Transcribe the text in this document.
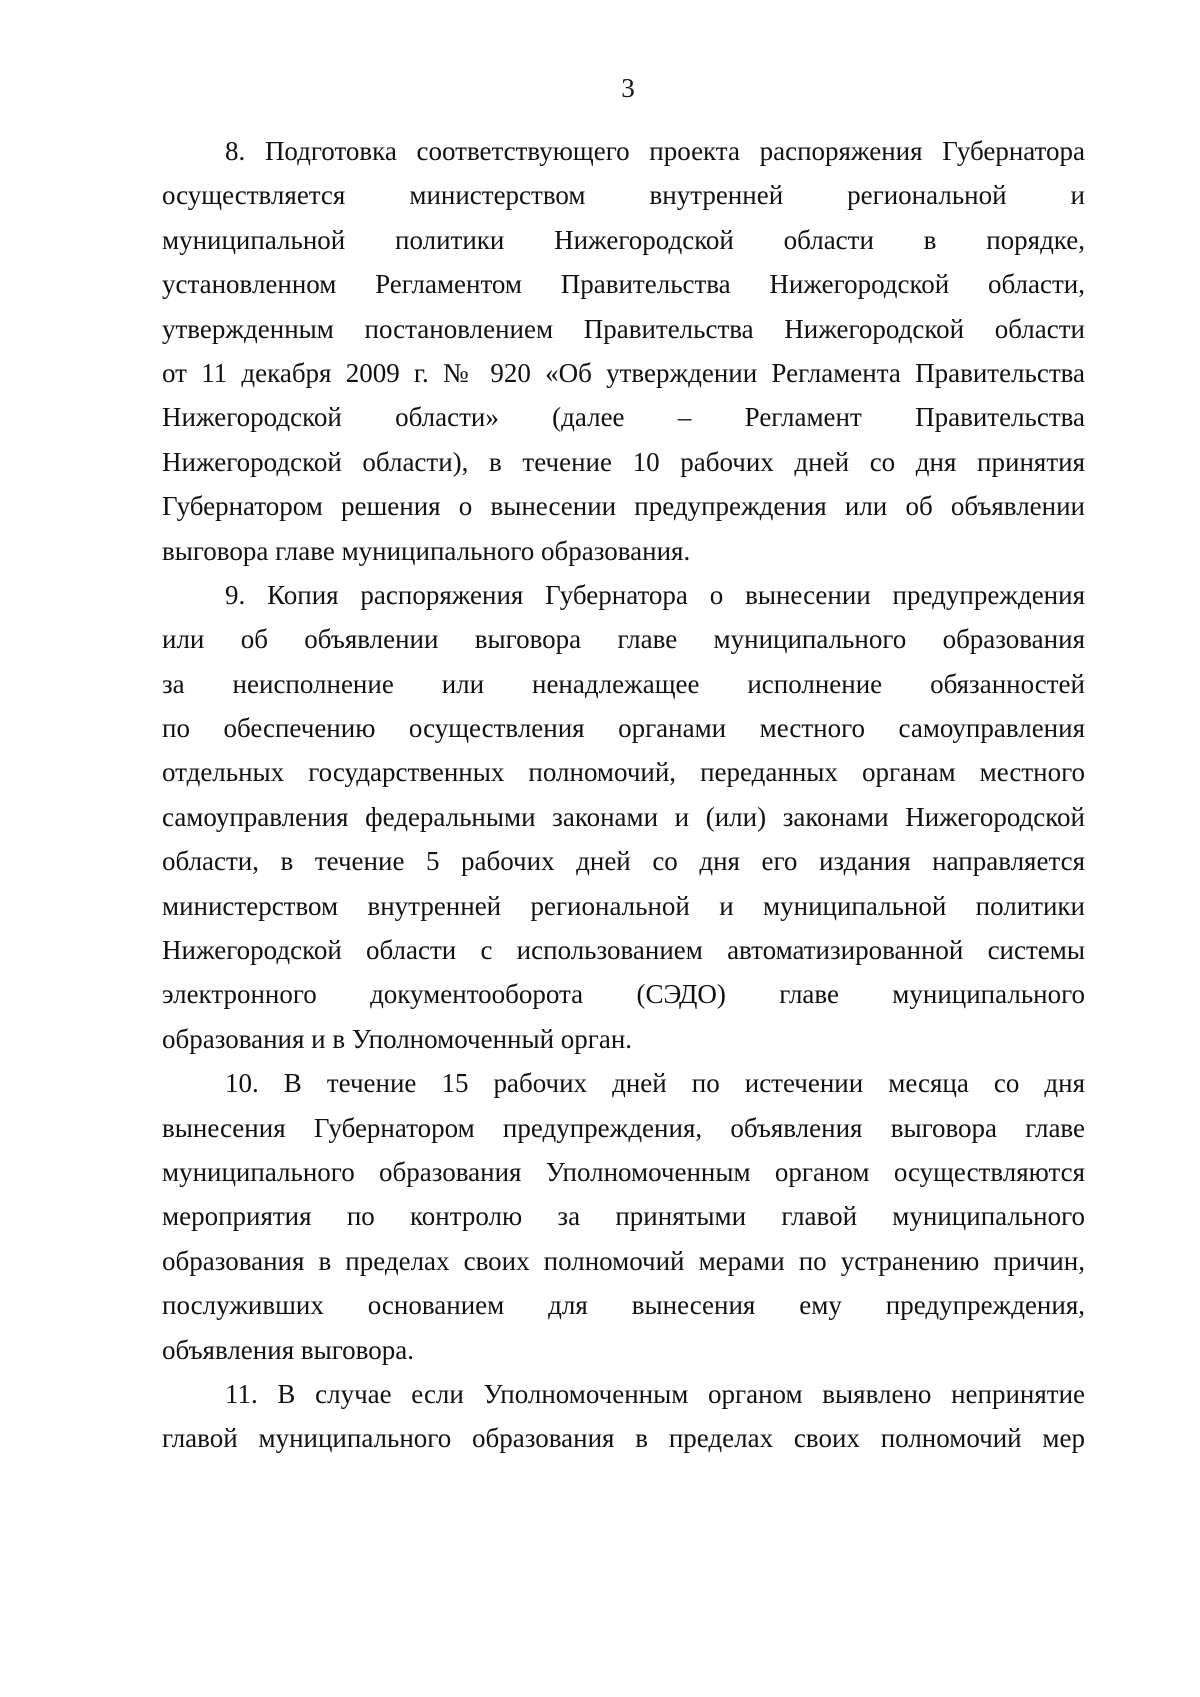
3
8. Подготовка соответствующего проекта распоряжения Губернатора
осуществляется министерством внутренней региональной и
муниципальной политики Нижегородской области в порядке,
установленном Регламентом Правительства Нижегородской области,
утвержденным постановлением Правительства Нижегородской области
от 11 декабря 2009 г. № 920 «Об утверждении Регламента Правительства
Нижегородской области» (далее – Регламент Правительства
Нижегородской области), в течение 10 рабочих дней со дня принятия
Губернатором решения о вынесении предупреждения или об объявлении
выговора главе муниципального образования.
9. Копия распоряжения Губернатора о вынесении предупреждения
или об объявлении выговора главе муниципального образования
за неисполнение или ненадлежащее исполнение обязанностей
по обеспечению осуществления органами местного самоуправления
отдельных государственных полномочий, переданных органам местного
самоуправления федеральными законами и (или) законами Нижегородской
области, в течение 5 рабочих дней со дня его издания направляется
министерством внутренней региональной и муниципальной политики
Нижегородской области с использованием автоматизированной системы
электронного документооборота (СЭДО) главе муниципального
образования и в Уполномоченный орган.
10. В течение 15 рабочих дней по истечении месяца со дня
вынесения Губернатором предупреждения, объявления выговора главе
муниципального образования Уполномоченным органом осуществляются
мероприятия по контролю за принятыми главой муниципального
образования в пределах своих полномочий мерами по устранению причин,
послуживших основанием для вынесения ему предупреждения,
объявления выговора.
11. В случае если Уполномоченным органом выявлено непринятие
главой муниципального образования в пределах своих полномочий мер
